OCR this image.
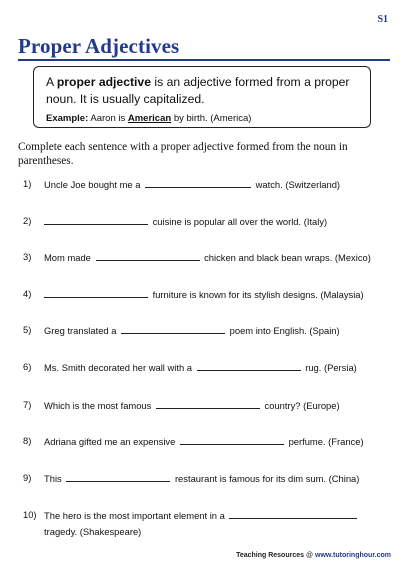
S1
Proper Adjectives
A proper adjective is an adjective formed from a proper noun. It is usually capitalized.
Example: Aaron is American by birth. (America)
Complete each sentence with a proper adjective formed from the noun in parentheses.
1)	Uncle Joe bought me a	watch. (Switzerland)
2)	cuisine is popular all over the world. (Italy)
3)	Mom made	chicken and black bean wraps. (Mexico)
4)	furniture is known for its stylish designs. (Malaysia)
5)	Greg translated a	poem into English. (Spain)
6)	Ms. Smith decorated her wall with a	rug. (Persia)
7)	Which is the most famous	country? (Europe)
8)	Adriana gifted me an expensive	perfume. (France)
9)	This	restaurant is famous for its dim sum. (China)
10) The hero is the most important element in a
tragedy. (Shakespeare)
Teaching Resources @ www.tutoringhour.com
